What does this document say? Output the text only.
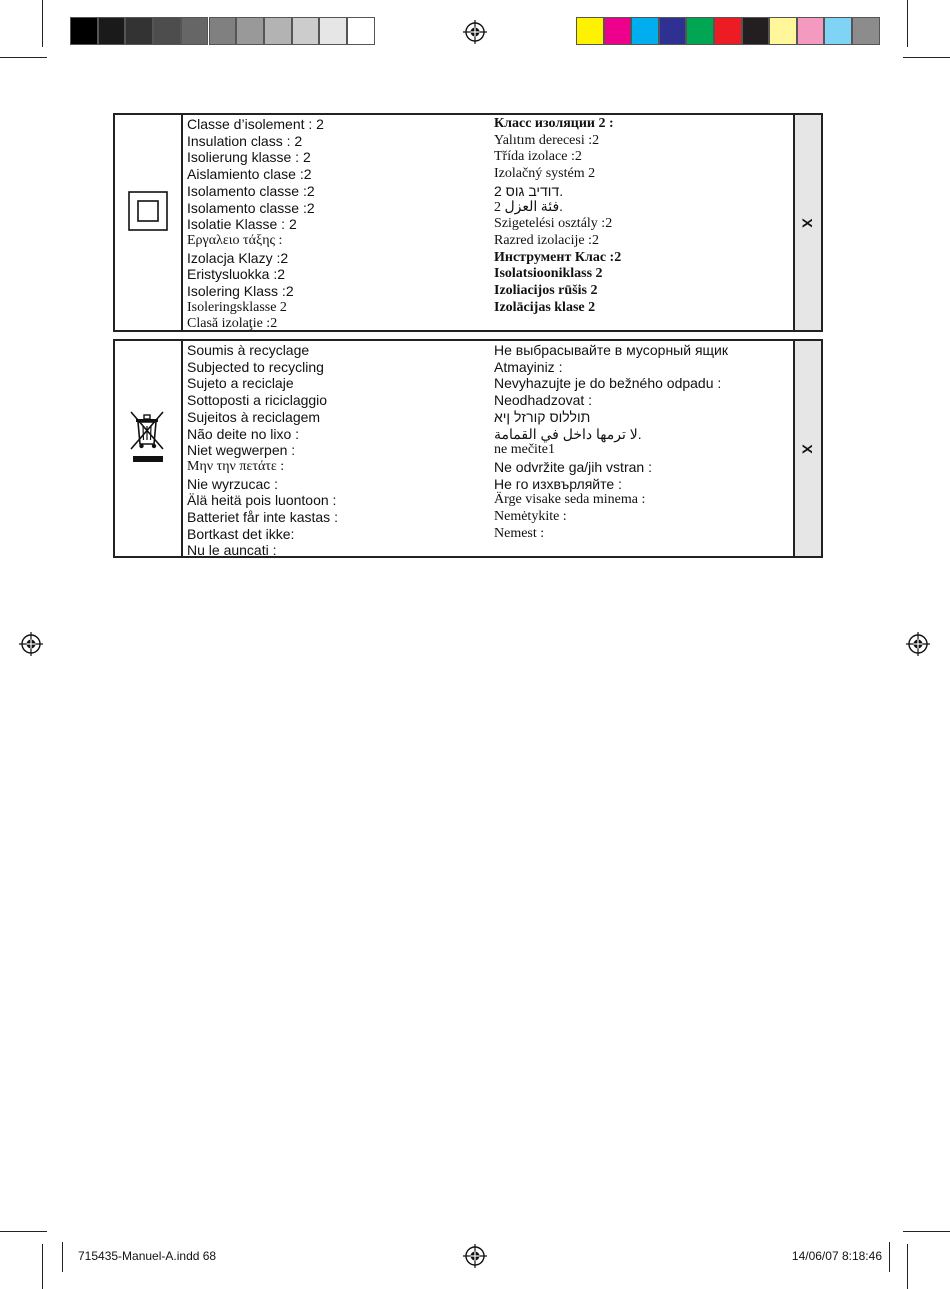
Classe d’isolement : 2
Insulation class : 2
Isolierung klasse : 2
Aislamiento clase :2
Isolamento classe :2
Isolamento classe :2
Isolatie Klasse : 2
Εργαλειο τάξης :
Izolacja Klazy :2
Eristysluokka :2
Isolering Klass :2
Isoleringsklasse 2
Clasă izolaţie :2
Класс изоляции 2 :
Yalıtım derecesi :2
Třída izolace :2
Izolačný systém 2
דודיב גוס 2.
فئة العزل 2.
Szigetelési osztály :2
Razred izolacije :2
Инструмент Клас :2
Isolatsiooniklass 2
Izoliacijos rūšis 2
Izolācijas klase 2
X
Soumis à recyclage
Subjected to recycling
Sujeto a reciclaje
Sottoposti a riciclaggio
Sujeitos à reciclagem
Não deite no lixo :
Niet wegwerpen :
Μην την πετάτε :
Nie wyrzucac :
Älä heitä pois luontoon :
Batteriet får inte kastas :
Bortkast det ikke:
Nu le auncati :
Не выбрасывайте в мусорный ящик
Atmayiniz :
Nevyhazujte je do bežného odpadu :
Neodhadzovat :
תוללוס קורזל ןיא
لا ترمها داخل في القمامة.
ne mečite1
Ne odvržite ga/jih vstran :
Не го изхвърляйте :
Ärge visake seda minema :
Nemėtykite :
Nemest :
X
715435-Manuel-A.indd 68	14/06/07 8:18:46
